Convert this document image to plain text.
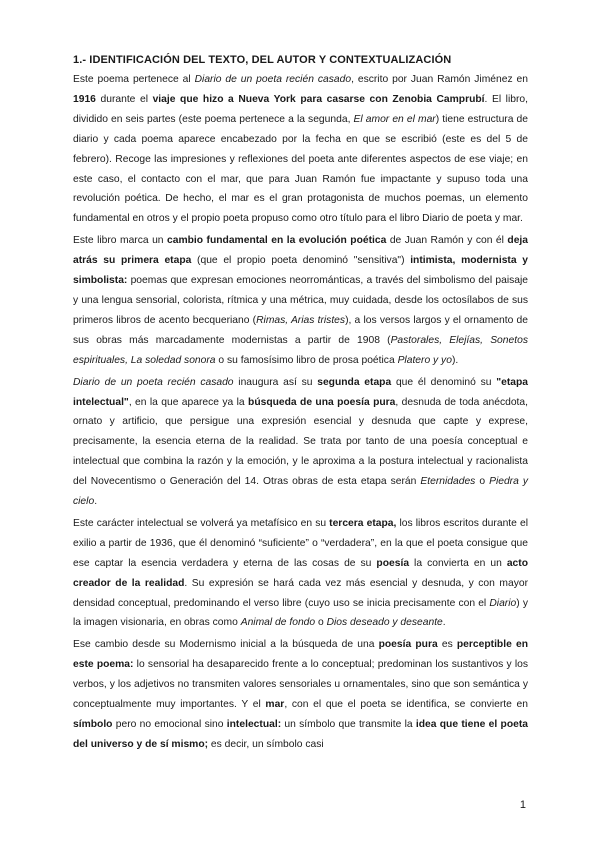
1.- IDENTIFICACIÓN DEL TEXTO, DEL AUTOR Y CONTEXTUALIZACIÓN

Este poema pertenece al Diario de un poeta recién casado, escrito por Juan Ramón Jiménez en 1916 durante el viaje que hizo a Nueva York para casarse con Zenobia Camprubí. El libro, dividido en seis partes (este poema pertenece a la segunda, El amor en el mar) tiene estructura de diario y cada poema aparece encabezado por la fecha en que se escribió (este es del 5 de febrero). Recoge las impresiones y reflexiones del poeta ante diferentes aspectos de ese viaje; en este caso, el contacto con el mar, que para Juan Ramón fue impactante y supuso toda una revolución poética. De hecho, el mar es el gran protagonista de muchos poemas, un elemento fundamental en otros y el propio poeta propuso como otro título para el libro Diario de poeta y mar.

Este libro marca un cambio fundamental en la evolución poética de Juan Ramón y con él deja atrás su primera etapa (que el propio poeta denominó "sensitiva") intimista, modernista y simbolista: poemas que expresan emociones neorrománticas, a través del simbolismo del paisaje y una lengua sensorial, colorista, rítmica y una métrica, muy cuidada, desde los octosílabos de sus primeros libros de acento becqueriano (Rimas, Arias tristes), a los versos largos y el ornamento de sus obras más marcadamente modernistas a partir de 1908 (Pastorales, Elejías, Sonetos espirituales, La soledad sonora o su famosísimo libro de prosa poética Platero y yo).

Diario de un poeta recién casado inaugura así su segunda etapa que él denominó su "etapa intelectual", en la que aparece ya la búsqueda de una poesía pura, desnuda de toda anécdota, ornato y artificio, que persigue una expresión esencial y desnuda que capte y exprese, precisamente, la esencia eterna de la realidad. Se trata por tanto de una poesía conceptual e intelectual que combina la razón y la emoción, y le aproxima a la postura intelectual y racionalista del Novecentismo o Generación del 14. Otras obras de esta etapa serán Eternidades o Piedra y cielo.

Este carácter intelectual se volverá ya metafísico en su tercera etapa, los libros escritos durante el exilio a partir de 1936, que él denominó “suficiente” o “verdadera”, en la que el poeta consigue que ese captar la esencia verdadera y eterna de las cosas de su poesía la convierta en un acto creador de la realidad. Su expresión se hará cada vez más esencial y desnuda, y con mayor densidad conceptual, predominando el verso libre (cuyo uso se inicia precisamente con el Diario) y la imagen visionaria, en obras como Animal de fondo o Dios deseado y deseante.

Ese cambio desde su Modernismo inicial a la búsqueda de una poesía pura es perceptible en este poema: lo sensorial ha desaparecido frente a lo conceptual; predominan los sustantivos y los verbos, y los adjetivos no transmiten valores sensoriales u ornamentales, sino que son semántica y conceptualmente muy importantes. Y el mar, con el que el poeta se identifica, se convierte en símbolo pero no emocional sino intelectual: un símbolo que transmite la idea que tiene el poeta del universo y de sí mismo; es decir, un símbolo casi

1
